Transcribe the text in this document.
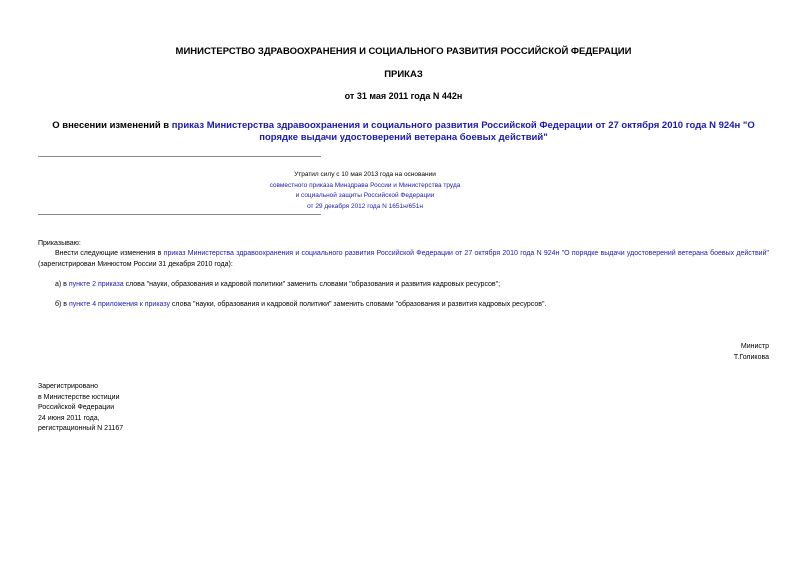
МИНИСТЕРСТВО ЗДРАВООХРАНЕНИЯ И СОЦИАЛЬНОГО РАЗВИТИЯ РОССИЙСКОЙ ФЕДЕРАЦИИ
ПРИКАЗ
от 31 мая 2011 года N 442н
О внесении изменений в приказ Министерства здравоохранения и социального развития Российской Федерации от 27 октября 2010 года N 924н "О порядке выдачи удостоверений ветерана боевых действий"
Утратил силу с 10 мая 2013 года на основании
совместного приказа Минздрава России и Министерства труда
и социальной защиты Российской Федерации
от 29 декабря 2012 года N 1651н/651н
Приказываю:
Внести следующие изменения в приказ Министерства здравоохранения и социального развития Российской Федерации от 27 октября 2010 года N 924н "О порядке выдачи удостоверений ветерана боевых действий" (зарегистрирован Минюстом России 31 декабря 2010 года):
а) в пункте 2 приказа слова "науки, образования и кадровой политики" заменить словами "образования и развития кадровых ресурсов";
б) в пункте 4 приложения к приказу слова "науки, образования и кадровой политики" заменить словами "образования и развития кадровых ресурсов".
Министр
Т.Голикова
Зарегистрировано
в Министерстве юстиции
Российской Федерации
24 июня 2011 года,
регистрационный N 21167
